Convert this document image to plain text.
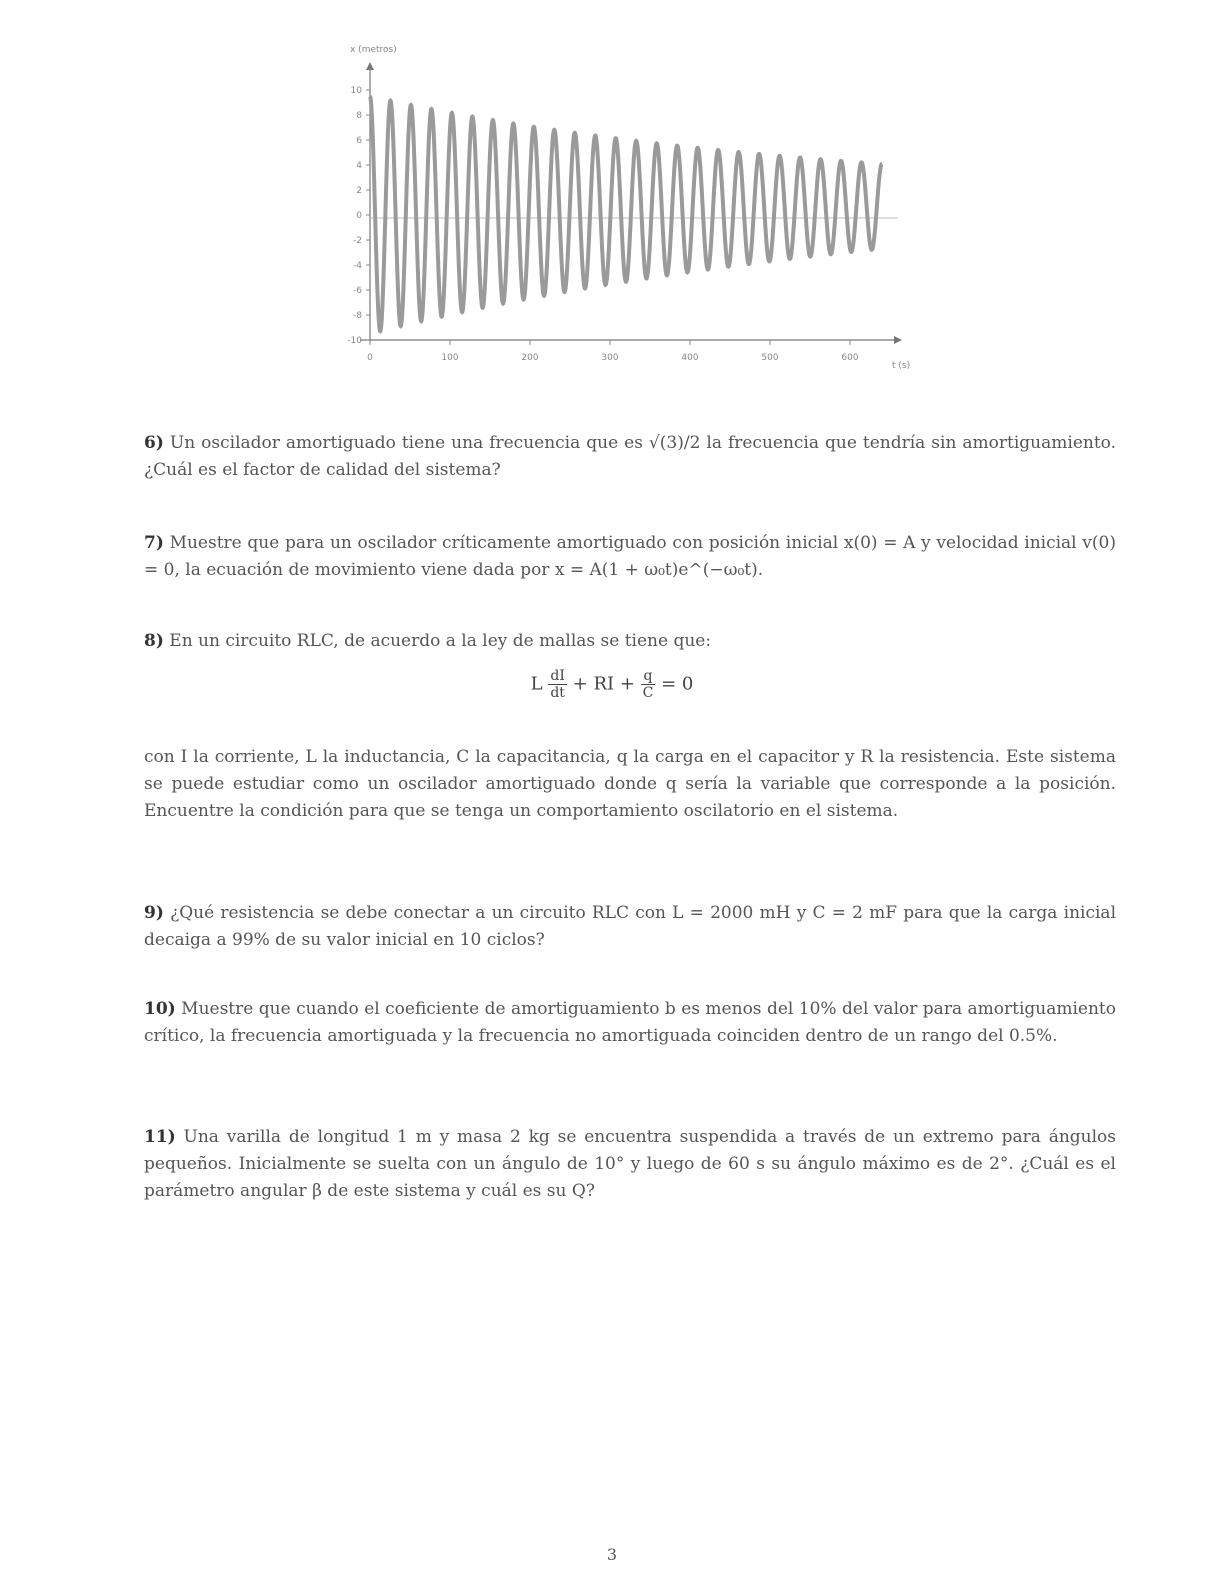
x (metros)
t (s)
10
8
6
4
2
0
-2
-4
-6
-8
-10
0	100	200	300	400	500	600
6) Un oscilador amortiguado tiene una frecuencia que es √(3)/2 la frecuencia que tendría sin amortiguamiento. ¿Cuál es el factor de calidad del sistema?
7) Muestre que para un oscilador críticamente amortiguado con posición inicial x(0) = A y velocidad inicial v(0) = 0, la ecuación de movimiento viene dada por x = A(1 + ω₀t)e^(−ω₀t).
8) En un circuito RLC, de acuerdo a la ley de mallas se tiene que:
L $\frac{dI}{dt}$ + RI + $\frac{q}{C} = 0$
con I la corriente, L la inductancia, C la capacitancia, q la carga en el capacitor y R la resistencia. Este sistema se puede estudiar como un oscilador amortiguado donde q sería la variable que corresponde a la posición. Encuentre la condición para que se tenga un comportamiento oscilatorio en el sistema.
9) ¿Qué resistencia se debe conectar a un circuito RLC con L = 2000 mH y C = 2 mF para que la carga inicial decaiga a 99% de su valor inicial en 10 ciclos?
10) Muestre que cuando el coeficiente de amortiguamiento b es menos del 10% del valor para amortiguamiento crítico, la frecuencia amortiguada y la frecuencia no amortiguada coinciden dentro de un rango del 0.5%.
11) Una varilla de longitud 1 m y masa 2 kg se encuentra suspendida a través de un extremo para ángulos pequeños. Inicialmente se suelta con un ángulo de 10° y luego de 60 s su ángulo máximo es de 2°. ¿Cuál es el parámetro angular β de este sistema y cuál es su Q?
3
